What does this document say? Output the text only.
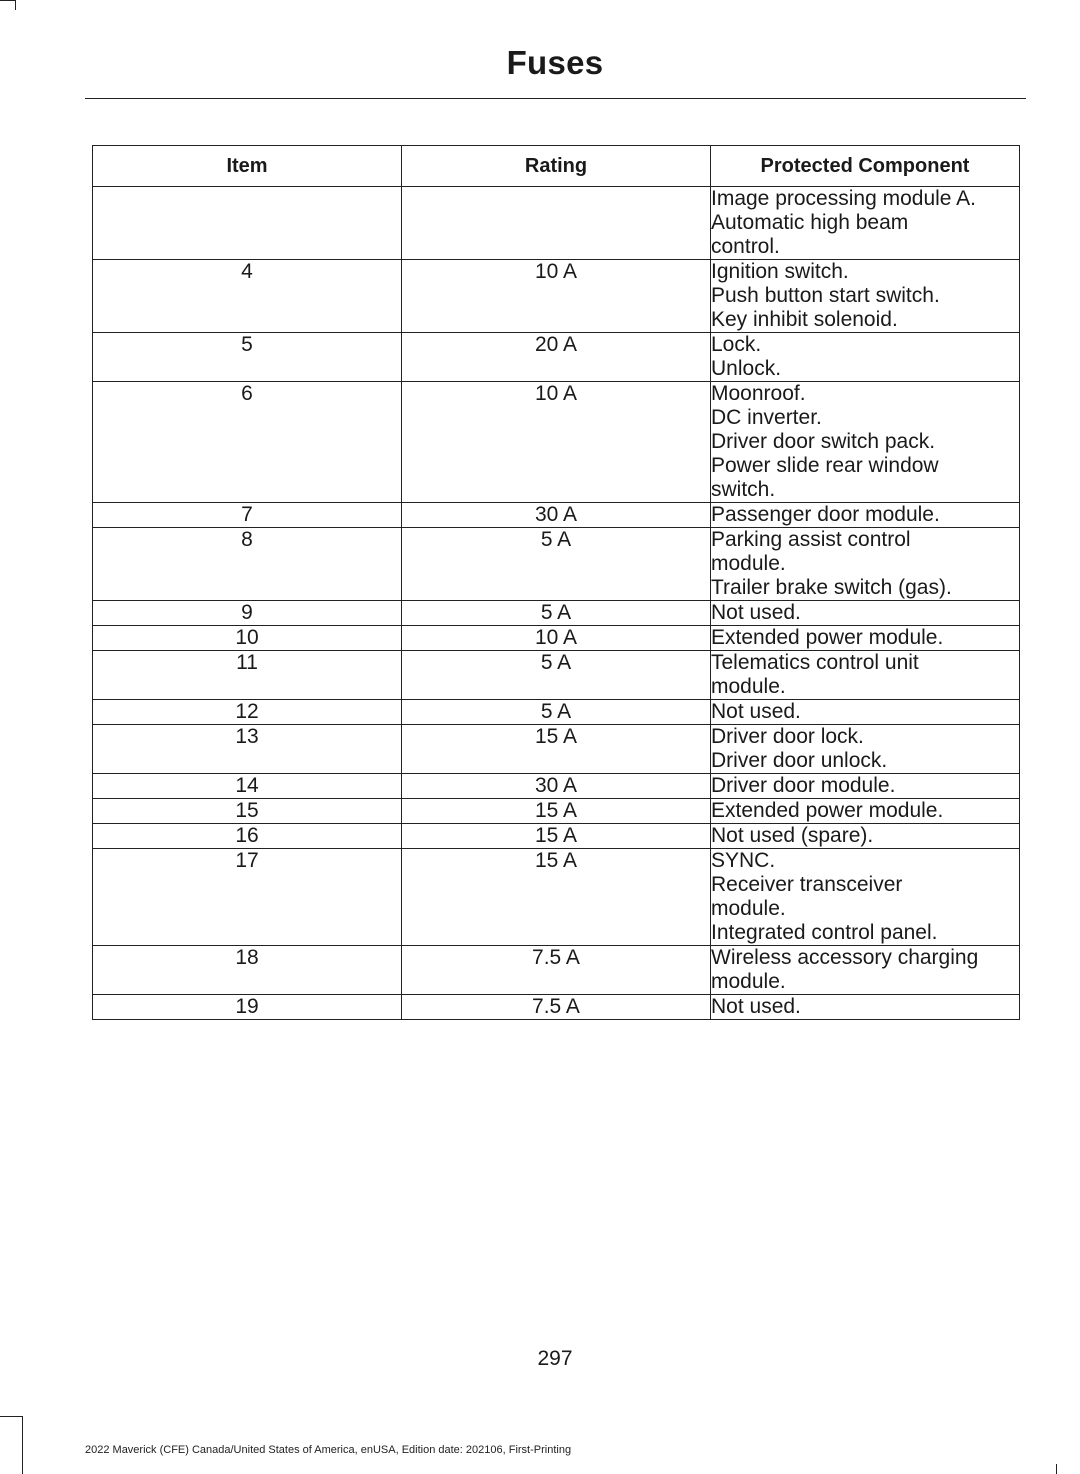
Fuses
Item	Rating	Protected Component
		Image processing module A.
Automatic high beam
control.
4	10 A	Ignition switch.
Push button start switch.
Key inhibit solenoid.
5	20 A	Lock.
Unlock.
6	10 A	Moonroof.
DC inverter.
Driver door switch pack.
Power slide rear window
switch.
7	30 A	Passenger door module.
8	5 A	Parking assist control
module.
Trailer brake switch (gas).
9	5 A	Not used.
10	10 A	Extended power module.
11	5 A	Telematics control unit
module.
12	5 A	Not used.
13	15 A	Driver door lock.
Driver door unlock.
14	30 A	Driver door module.
15	15 A	Extended power module.
16	15 A	Not used (spare).
17	15 A	SYNC.
Receiver transceiver
module.
Integrated control panel.
18	7.5 A	Wireless accessory charging
module.
19	7.5 A	Not used.
297
2022 Maverick (CFE) Canada/United States of America, enUSA, Edition date: 202106, First-Printing
